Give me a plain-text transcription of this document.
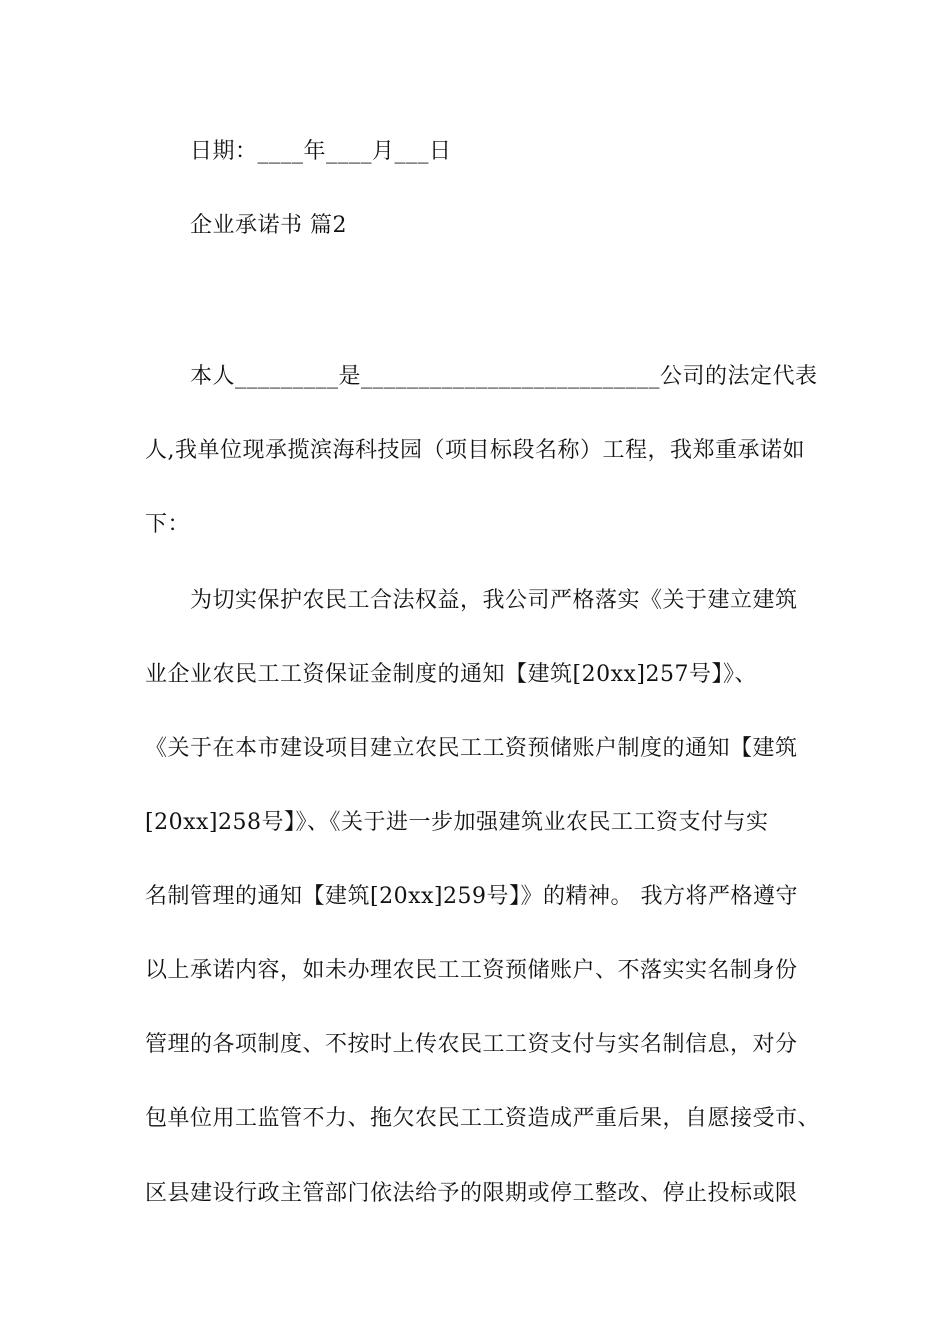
日期：____年____月___日
企业承诺书 篇2
本人_________是__________________________公司的法定代表
人,我单位现承揽滨海科技园（项目标段名称）工程，我郑重承诺如
下：
为切实保护农民工合法权益，我公司严格落实《关于建立建筑
业企业农民工工资保证金制度的通知【建筑[20xx]257号】》、
《关于在本市建设项目建立农民工工资预储账户制度的通知【建筑
[20xx]258号】》、《关于进一步加强建筑业农民工工资支付与实
名制管理的通知【建筑[20xx]259号】》的精神。 我方将严格遵守
以上承诺内容，如未办理农民工工资预储账户、不落实实名制身份
管理的各项制度、不按时上传农民工工资支付与实名制信息，对分
包单位用工监管不力、拖欠农民工工资造成严重后果，自愿接受市、
区县建设行政主管部门依法给予的限期或停工整改、停止投标或限
